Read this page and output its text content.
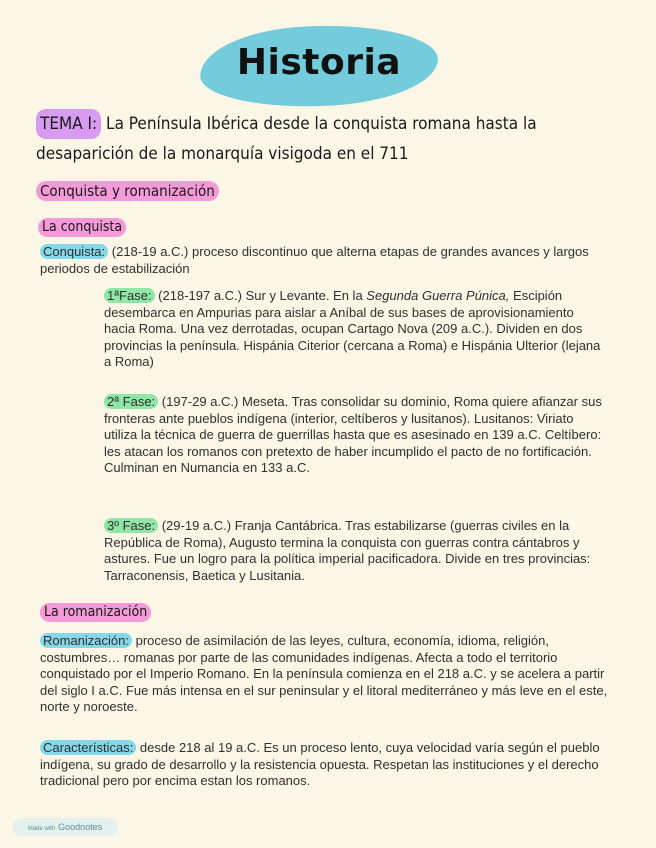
Historia
TEMA I: La Península Ibérica desde la conquista romana hasta la desaparición de la monarquía visigoda en el 711
Conquista y romanización
La conquista
Conquista: (218-19 a.C.) proceso discontinuo que alterna etapas de grandes avances y largos periodos de estabilización
1ªFase: (218-197 a.C.) Sur y Levante. En la Segunda Guerra Púnica, Escipión desembarca en Ampurias para aislar a Aníbal de sus bases de aprovisionamiento hacia Roma. Una vez derrotadas, ocupan Cartago Nova (209 a.C.). Dividen en dos provincias la península. Hispánia Citerior (cercana a Roma) e Hispánia Ulterior (lejana a Roma)
2ª Fase: (197-29 a.C.) Meseta. Tras consolidar su dominio, Roma quiere afianzar sus fronteras ante pueblos indígena (interior, celtíberos y lusitanos). Lusitanos: Viriato utiliza la técnica de guerra de guerrillas hasta que es asesinado en 139 a.C. Celtíbero: les atacan los romanos con pretexto de haber incumplido el pacto de no fortificación. Culminan en Numancia en 133 a.C.
3º Fase: (29-19 a.C.) Franja Cantábrica. Tras estabilizarse (guerras civiles en la República de Roma), Augusto termina la conquista con guerras contra cántabros y astures. Fue un logro para la política imperial pacificadora. Divide en tres provincias: Tarraconensis, Baetica y Lusitania.
La romanización
Romanización: proceso de asimilación de las leyes, cultura, economía, idioma, religión, costumbres… romanas por parte de las comunidades indígenas. Afecta a todo el territorio conquistado por el Imperio Romano. En la península comienza en el 218 a.C. y se acelera a partir del siglo I a.C. Fue más intensa en el sur peninsular y el litoral mediterráneo y más leve en el este, norte y noroeste.
Características: desde 218 al 19 a.C. Es un proceso lento, cuya velocidad varía según el pueblo indígena, su grado de desarrollo y la resistencia opuesta. Respetan las instituciones y el derecho tradicional pero por encima estan los romanos.
Made with Goodnotes
